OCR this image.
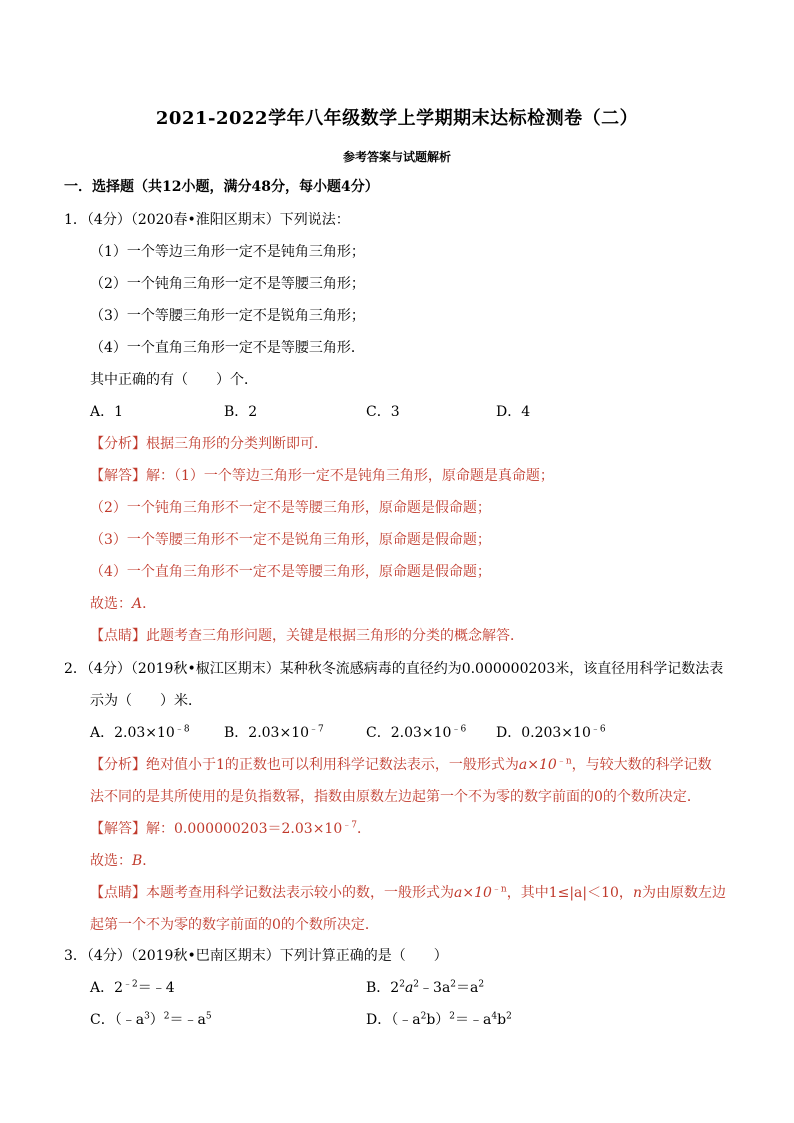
2021-2022学年八年级数学上学期期末达标检测卷（二）
参考答案与试题解析
一．选择题（共12小题，满分48分，每小题4分）
1．（4分）（2020春•淮阳区期末）下列说法：
（1）一个等边三角形一定不是钝角三角形；
（2）一个钝角三角形一定不是等腰三角形；
（3）一个等腰三角形一定不是锐角三角形；
（4）一个直角三角形一定不是等腰三角形．
其中正确的有（　　）个．
A．1	B．2	C．3	D．4
【分析】根据三角形的分类判断即可．
【解答】解：（1）一个等边三角形一定不是钝角三角形，原命题是真命题；
（2）一个钝角三角形不一定不是等腰三角形，原命题是假命题；
（3）一个等腰三角形不一定不是锐角三角形，原命题是假命题；
（4）一个直角三角形不一定不是等腰三角形，原命题是假命题；
故选：A．
【点睛】此题考查三角形问题，关键是根据三角形的分类的概念解答．
2．（4分）（2019秋•椒江区期末）某种秋冬流感病毒的直径约为0.000000203米，该直径用科学记数法表
示为（　　）米．
A．$2.03\times 10^{﹣8}$ B．$2.03\times 10^{﹣7}$	C．$2.03\times 10^{﹣6}$ D．$0.203\times 10^{﹣6}$
【分析】绝对值小于1的正数也可以利用科学记数法表示，一般形式为$a\times 10^{﹣n}$，与较大数的科学记数
法不同的是其所使用的是负指数幂，指数由原数左边起第一个不为零的数字前面的0的个数所决定．
【解答】解：$0.000000203=2.03\times 10^{﹣7}$．
故选：B．
【点睛】本题考查用科学记数法表示较小的数，一般形式为$a\times 10^{﹣n}$，其中1≤|a|＜10，n为由原数左边
起第一个不为零的数字前面的0的个数所决定．
3．（4分）（2019秋•巴南区期末）下列计算正确的是（　　）
A．$2^{﹣2}=﹣4$	B．$2^2a^2﹣3a^2=a^2$
C．$(﹣a^3)^2=﹣a^5$	D．$(﹣a^2b)^2=﹣a^4b^2$
